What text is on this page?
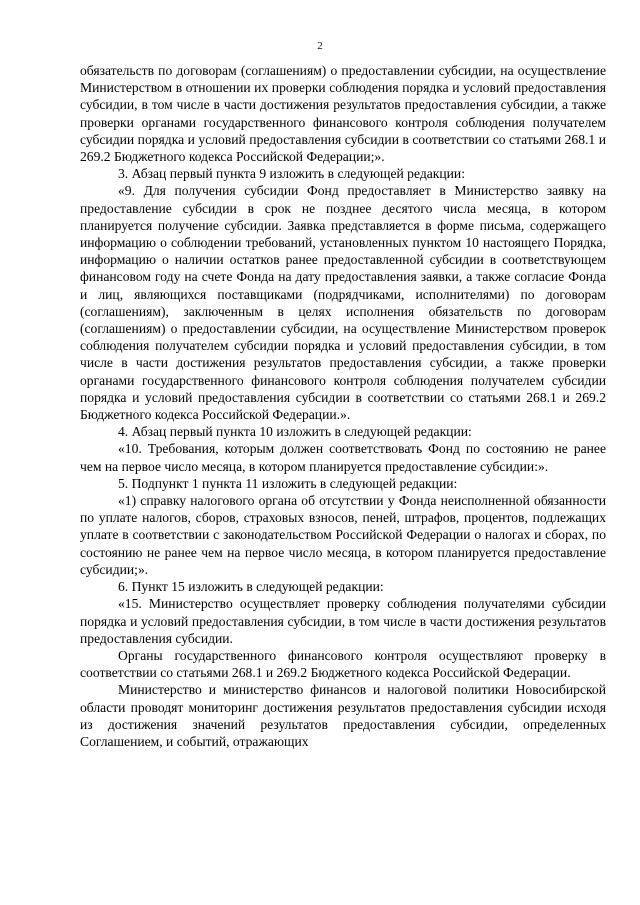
2

обязательств по договорам (соглашениям) о предоставлении субсидии, на осуществление Министерством в отношении их проверки соблюдения порядка и условий предоставления субсидии, в том числе в части достижения результатов предоставления субсидии, а также проверки органами государственного финансового контроля соблюдения получателем субсидии порядка и условий предоставления субсидии в соответствии со статьями 268.1 и 269.2 Бюджетного кодекса Российской Федерации;».

3. Абзац первый пункта 9 изложить в следующей редакции:

«9. Для получения субсидии Фонд предоставляет в Министерство заявку на предоставление субсидии в срок не позднее десятого числа месяца, в котором планируется получение субсидии. Заявка представляется в форме письма, содержащего информацию о соблюдении требований, установленных пунктом 10 настоящего Порядка, информацию о наличии остатков ранее предоставленной субсидии в соответствующем финансовом году на счете Фонда на дату предоставления заявки, а также согласие Фонда и лиц, являющихся поставщиками (подрядчиками, исполнителями) по договорам (соглашениям), заключенным в целях исполнения обязательств по договорам (соглашениям) о предоставлении субсидии, на осуществление Министерством проверок соблюдения получателем субсидии порядка и условий предоставления субсидии, в том числе в части достижения результатов предоставления субсидии, а также проверки органами государственного финансового контроля соблюдения получателем субсидии порядка и условий предоставления субсидии в соответствии со статьями 268.1 и 269.2 Бюджетного кодекса Российской Федерации.».

4. Абзац первый пункта 10 изложить в следующей редакции:

«10. Требования, которым должен соответствовать Фонд по состоянию не ранее чем на первое число месяца, в котором планируется предоставление субсидии:».

5. Подпункт 1 пункта 11 изложить в следующей редакции:

«1) справку налогового органа об отсутствии у Фонда неисполненной обязанности по уплате налогов, сборов, страховых взносов, пеней, штрафов, процентов, подлежащих уплате в соответствии с законодательством Российской Федерации о налогах и сборах, по состоянию не ранее чем на первое число месяца, в котором планируется предоставление субсидии;».

6. Пункт 15 изложить в следующей редакции:

«15. Министерство осуществляет проверку соблюдения получателями субсидии порядка и условий предоставления субсидии, в том числе в части достижения результатов предоставления субсидии.

Органы государственного финансового контроля осуществляют проверку в соответствии со статьями 268.1 и 269.2 Бюджетного кодекса Российской Федерации.

Министерство и министерство финансов и налоговой политики Новосибирской области проводят мониторинг достижения результатов предоставления субсидии исходя из достижения значений результатов предоставления субсидии, определенных Соглашением, и событий, отражающих
